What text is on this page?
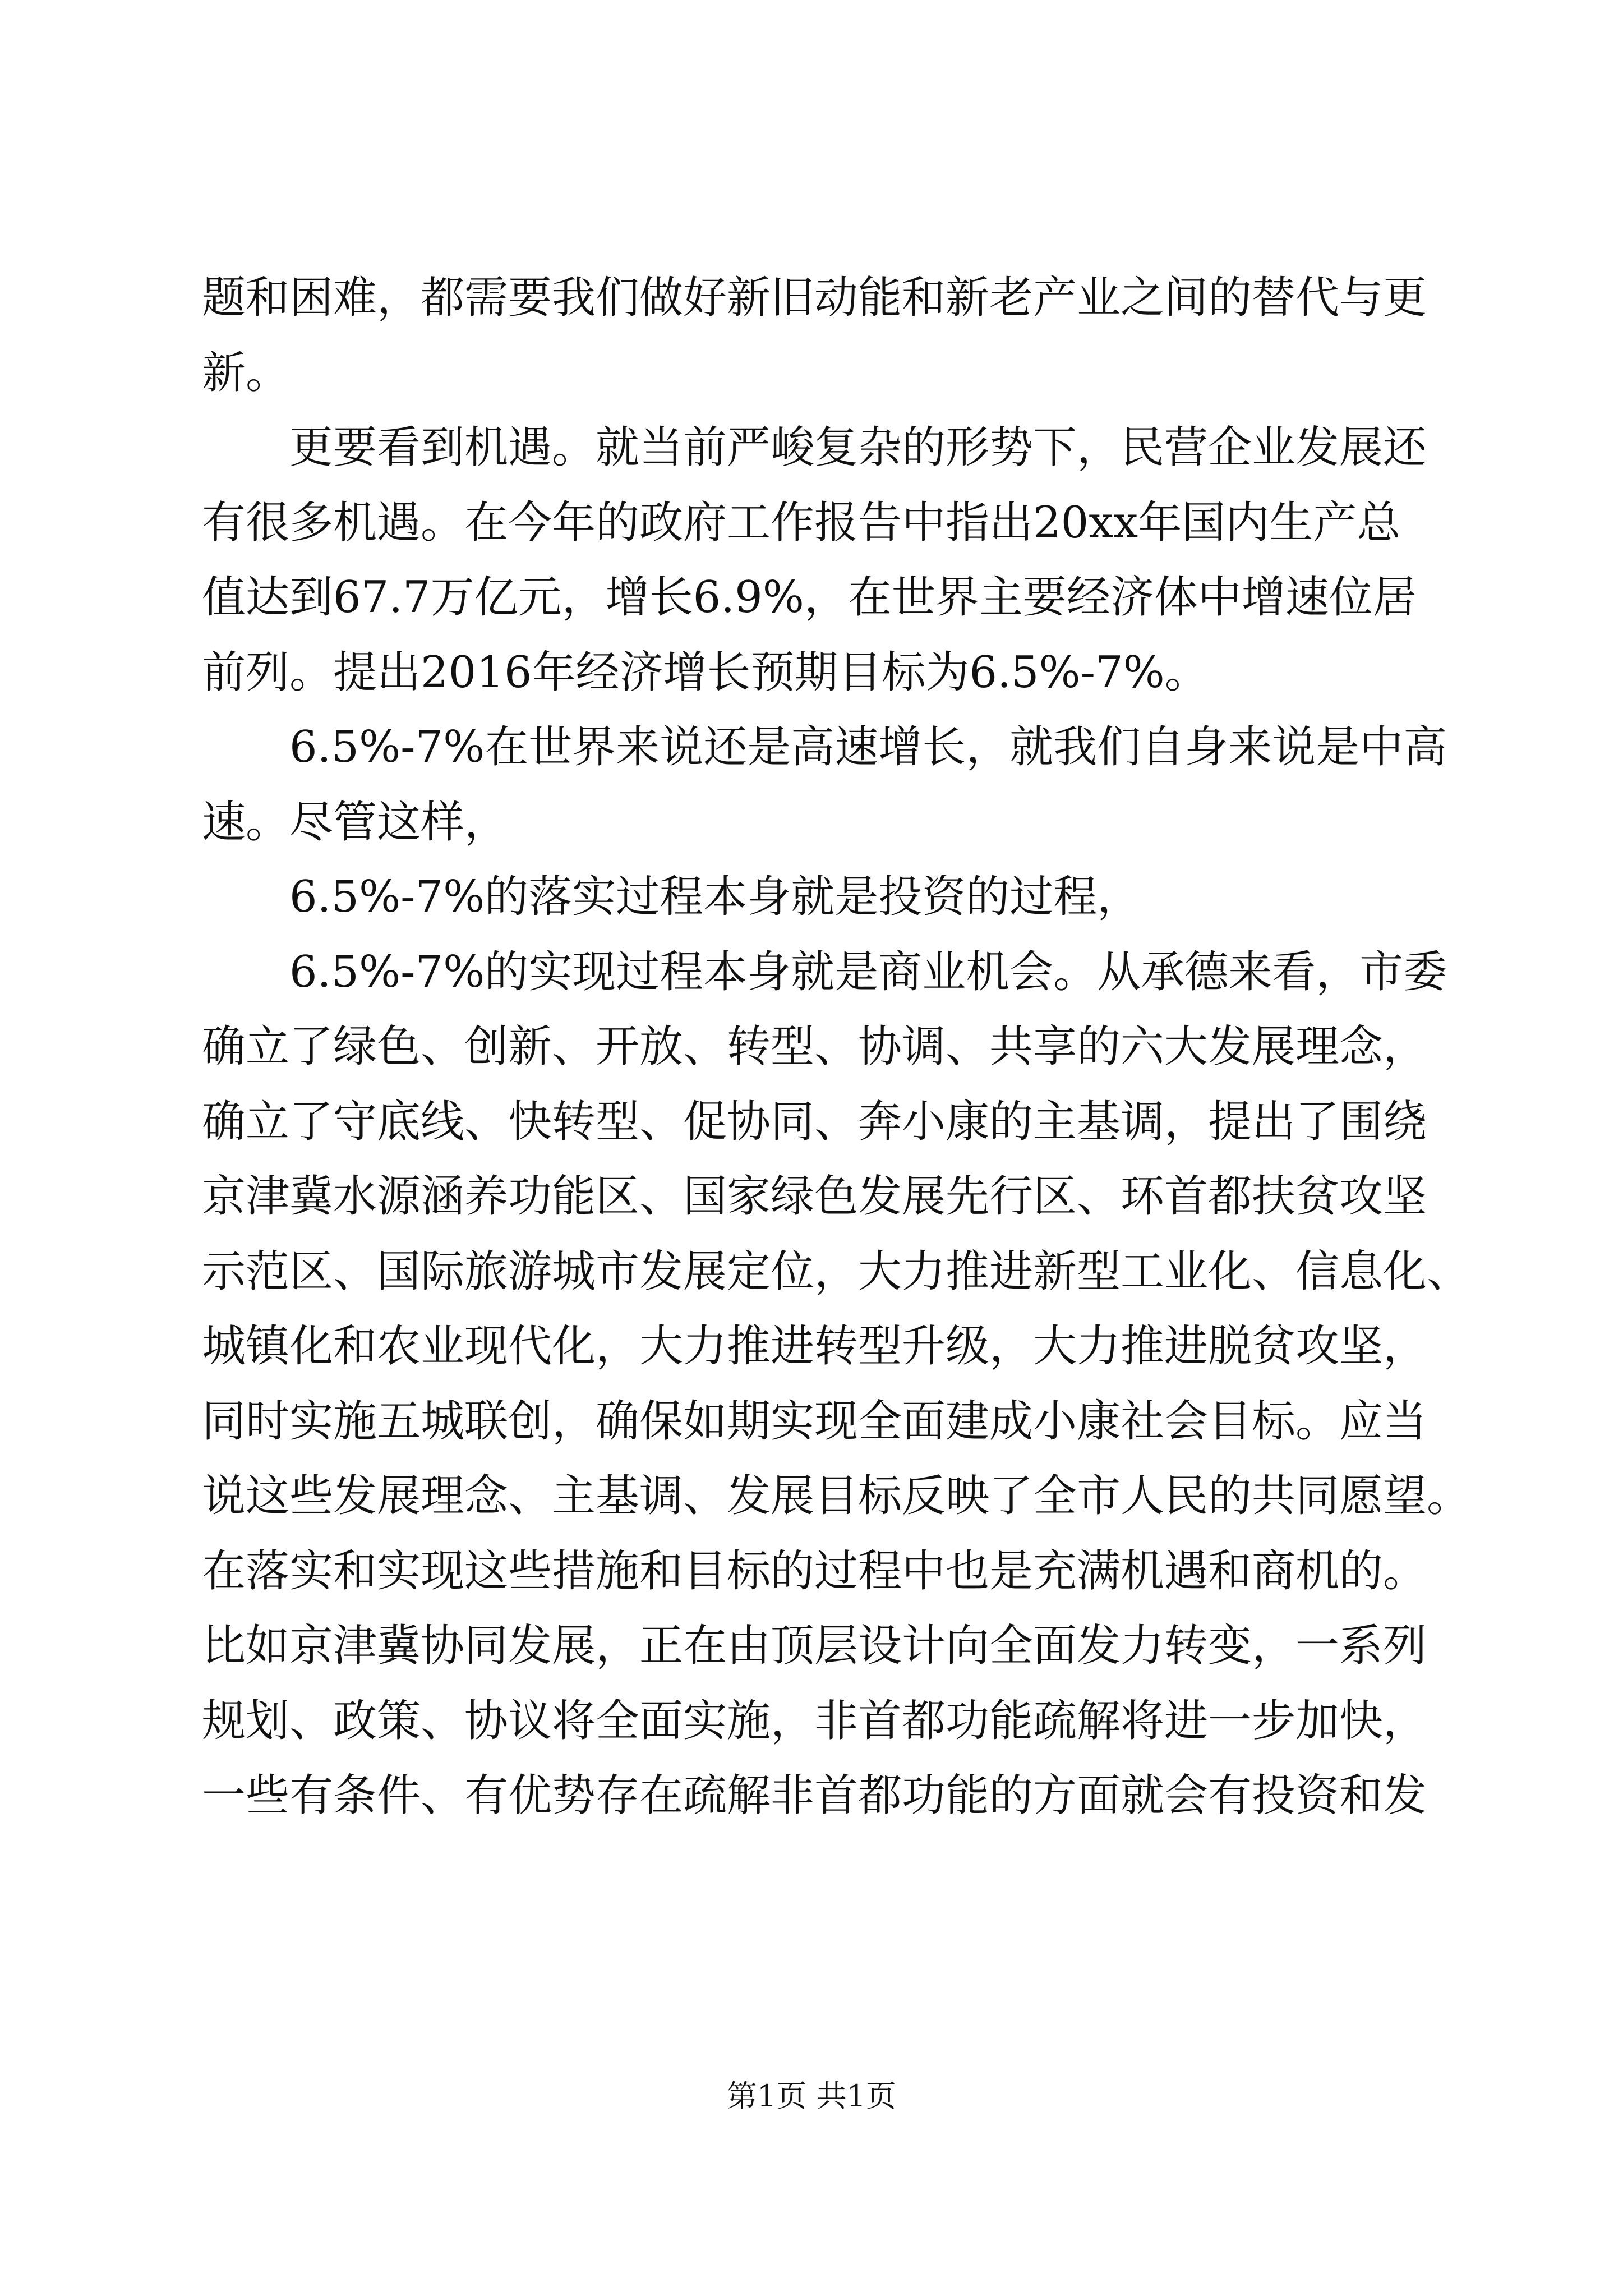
题和困难，都需要我们做好新旧动能和新老产业之间的替代与更
新。
　　更要看到机遇。就当前严峻复杂的形势下，民营企业发展还
有很多机遇。在今年的政府工作报告中指出20xx年国内生产总
值达到67.7万亿元，增长6.9%，在世界主要经济体中增速位居
前列。提出2016年经济增长预期目标为6.5%-7%。
　　6.5%-7%在世界来说还是高速增长，就我们自身来说是中高
速。尽管这样，
　　6.5%-7%的落实过程本身就是投资的过程，
　　6.5%-7%的实现过程本身就是商业机会。从承德来看，市委
确立了绿色、创新、开放、转型、协调、共享的六大发展理念，
确立了守底线、快转型、促协同、奔小康的主基调，提出了围绕
京津冀水源涵养功能区、国家绿色发展先行区、环首都扶贫攻坚
示范区、国际旅游城市发展定位，大力推进新型工业化、信息化、
城镇化和农业现代化，大力推进转型升级，大力推进脱贫攻坚，
同时实施五城联创，确保如期实现全面建成小康社会目标。应当
说这些发展理念、主基调、发展目标反映了全市人民的共同愿望。
在落实和实现这些措施和目标的过程中也是充满机遇和商机的。
比如京津冀协同发展，正在由顶层设计向全面发力转变，一系列
规划、政策、协议将全面实施，非首都功能疏解将进一步加快，
一些有条件、有优势存在疏解非首都功能的方面就会有投资和发
第1页 共1页
